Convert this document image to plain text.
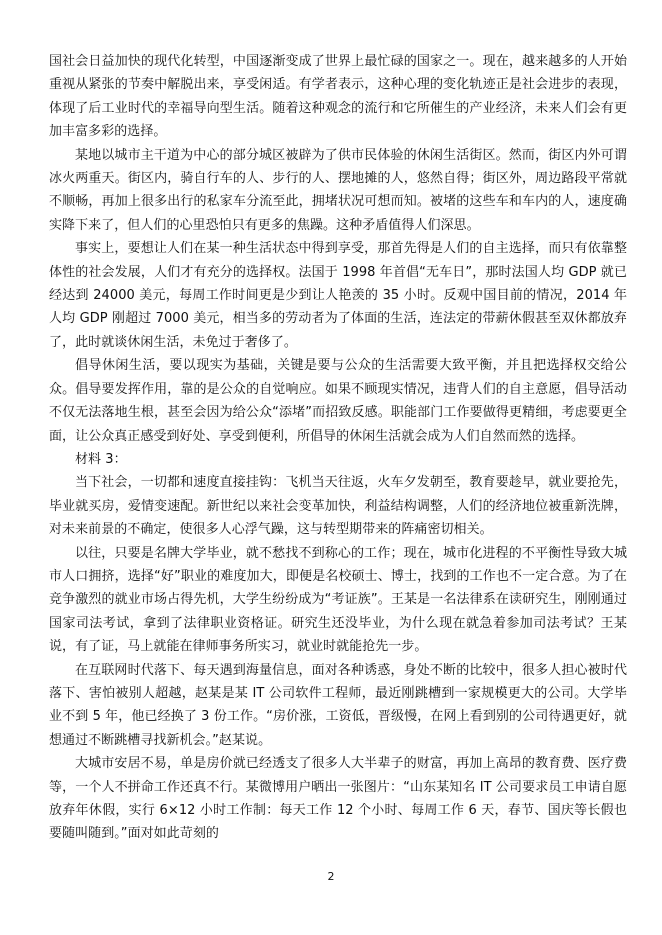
国社会日益加快的现代化转型，中国逐渐变成了世界上最忙碌的国家之一。现在，越来越多的人开始重视从紧张的节奏中解脱出来，享受闲适。有学者表示，这种心理的变化轨迹正是社会进步的表现，体现了后工业时代的幸福导向型生活。随着这种观念的流行和它所催生的产业经济，未来人们会有更加丰富多彩的选择。

某地以城市主干道为中心的部分城区被辟为了供市民体验的休闲生活街区。然而，街区内外可谓冰火两重天。街区内，骑自行车的人、步行的人、摆地摊的人，悠然自得；街区外，周边路段平常就不顺畅，再加上很多出行的私家车分流至此，拥堵状况可想而知。被堵的这些车和车内的人，速度确实降下来了，但人们的心里恐怕只有更多的焦躁。这种矛盾值得人们深思。

事实上，要想让人们在某一种生活状态中得到享受，那首先得是人们的自主选择，而只有依靠整体性的社会发展，人们才有充分的选择权。法国于 1998 年首倡“无车日”，那时法国人均 GDP 就已经达到 24000 美元，每周工作时间更是少到让人艳羡的 35 小时。反观中国目前的情况，2014 年人均 GDP 刚超过 7000 美元，相当多的劳动者为了体面的生活，连法定的带薪休假甚至双休都放弃了，此时就谈休闲生活，未免过于奢侈了。

倡导休闲生活，要以现实为基础，关键是要与公众的生活需要大致平衡，并且把选择权交给公众。倡导要发挥作用，靠的是公众的自觉响应。如果不顾现实情况，违背人们的自主意愿，倡导活动不仅无法落地生根，甚至会因为给公众“添堵”而招致反感。职能部门工作要做得更精细，考虑要更全面，让公众真正感受到好处、享受到便利，所倡导的休闲生活就会成为人们自然而然的选择。

材料 3：

当下社会，一切都和速度直接挂钩：飞机当天往返，火车夕发朝至，教育要趁早，就业要抢先，毕业就买房，爱情变速配。新世纪以来社会变革加快，利益结构调整，人们的经济地位被重新洗牌，对未来前景的不确定，使很多人心浮气躁，这与转型期带来的阵痛密切相关。

以往，只要是名牌大学毕业，就不愁找不到称心的工作；现在，城市化进程的不平衡性导致大城市人口拥挤，选择“好”职业的难度加大，即便是名校硕士、博士，找到的工作也不一定合意。为了在竞争激烈的就业市场占得先机，大学生纷纷成为“考证族”。王某是一名法律系在读研究生，刚刚通过国家司法考试，拿到了法律职业资格证。研究生还没毕业，为什么现在就急着参加司法考试？王某说，有了证，马上就能在律师事务所实习，就业时就能抢先一步。

在互联网时代落下、每天遇到海量信息，面对各种诱惑，身处不断的比较中，很多人担心被时代落下、害怕被别人超越，赵某是某 IT 公司软件工程师，最近刚跳槽到一家规模更大的公司。大学毕业不到 5 年，他已经换了 3 份工作。“房价涨，工资低，晋级慢，在网上看到别的公司待遇更好，就想通过不断跳槽寻找新机会。”赵某说。

大城市安居不易，单是房价就已经透支了很多人大半辈子的财富，再加上高昂的教育费、医疗费等，一个人不拼命工作还真不行。某微博用户晒出一张图片：“山东某知名 IT 公司要求员工申请自愿放弃年休假，实行 6×12 小时工作制：每天工作 12 个小时、每周工作 6 天，春节、国庆等长假也要随叫随到。”面对如此苛刻的

2
